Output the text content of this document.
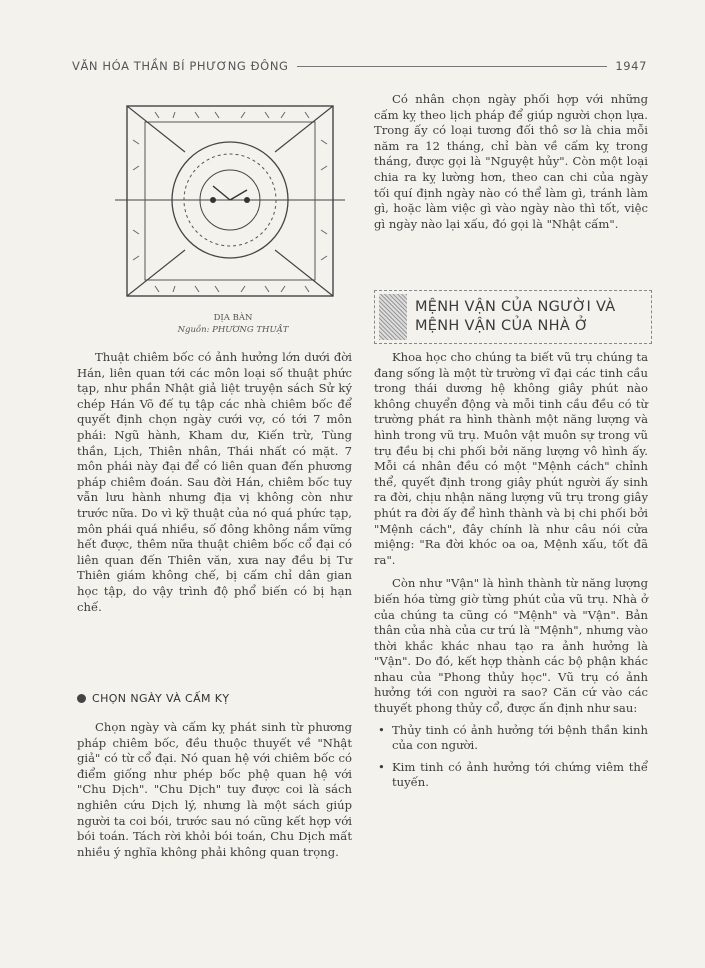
VĂN HÓA THẦN BÍ PHƯƠNG ĐÔNG	1947
DỊA BÀN
Nguồn: PHƯƠNG THUẬT

Thuật chiêm bốc có ảnh hưởng lớn dưới đời Hán, liên quan tới các môn loại số thuật phức tạp, như phần Nhật giả liệt truyện sách Sử ký chép Hán Võ đế tụ tập các nhà chiêm bốc để quyết định chọn ngày cưới vợ, có tới 7 môn phái: Ngũ hành, Kham dư, Kiến trừ, Tùng thần, Lịch, Thiên nhân, Thái nhất có mặt. 7 môn phái này đại để có liên quan đến phương pháp chiêm đoán. Sau đời Hán, chiêm bốc tuy vẫn lưu hành nhưng địa vị không còn như trước nữa. Do vì kỹ thuật của nó quá phức tạp, môn phái quá nhiều, số đông không nắm vững hết được, thêm nữa thuật chiêm bốc cổ đại có liên quan đến Thiên văn, xưa nay đều bị Tư Thiên giám không chế, bị cấm chỉ dân gian học tập, do vậy trình độ phổ biến có bị hạn chế.

CHỌN NGÀY VÀ CẤM KỴ

Chọn ngày và cấm kỵ phát sinh từ phương pháp chiêm bốc, đều thuộc thuyết về "Nhật giả" có từ cổ đại. Nó quan hệ với chiêm bốc có điểm giống như phép bốc phệ quan hệ với "Chu Dịch". "Chu Dịch" tuy được coi là sách nghiên cứu Dịch lý, nhưng là một sách giúp người ta coi bói, trước sau nó cũng kết hợp với bói toán. Tách rời khỏi bói toán, Chu Dịch mất nhiều ý nghĩa không phải không quan trọng.

Có nhân chọn ngày phối hợp với những cấm kỵ theo lịch pháp để giúp người chọn lựa. Trong ấy có loại tương đối thô sơ là chia mỗi năm ra 12 tháng, chỉ bàn về cấm kỵ trong tháng, được gọi là "Nguyệt hủy". Còn một loại chia ra kỵ lường hơn, theo can chi của ngày tối quí định ngày nào có thể làm gì, tránh làm gì, hoặc làm việc gì vào ngày nào thì tốt, việc gì ngày nào lại xấu, đó gọi là "Nhật cấm".

MỆNH VẬN CỦA NGƯỜI VÀ
MỆNH VẬN CỦA NHÀ Ở

Khoa học cho chúng ta biết vũ trụ chúng ta đang sống là một từ trường vĩ đại các tinh cầu trong thái dương hệ không giây phút nào không chuyển động và mỗi tinh cầu đều có từ trường phát ra hình thành một năng lượng và hình trong vũ trụ. Muôn vật muôn sự trong vũ trụ đều bị chi phối bởi năng lượng vô hình ấy. Mỗi cá nhân đều có một "Mệnh cách" chỉnh thể, quyết định trong giây phút người ấy sinh ra đời, chịu nhận năng lượng vũ trụ trong giây phút ra đời ấy để hình thành và bị chi phối bởi "Mệnh cách", đây chính là như câu nói cửa miệng: "Ra đời khóc oa oa, Mệnh xấu, tốt đã ra".

Còn như "Vận" là hình thành từ năng lượng biến hóa từng giờ từng phút của vũ trụ. Nhà ở của chúng ta cũng có "Mệnh" và "Vận". Bản thân của nhà của cư trú là "Mệnh", nhưng vào thời khắc khác nhau tạo ra ảnh hưởng là "Vận". Do đó, kết hợp thành các bộ phận khác nhau của "Phong thủy học". Vũ trụ có ảnh hưởng tới con người ra sao? Căn cứ vào các thuyết phong thủy cổ, được ấn định như sau:

• Thủy tinh có ảnh hưởng tới bệnh thần kinh của con người.

• Kim tinh có ảnh hưởng tới chứng viêm thể tuyến.
